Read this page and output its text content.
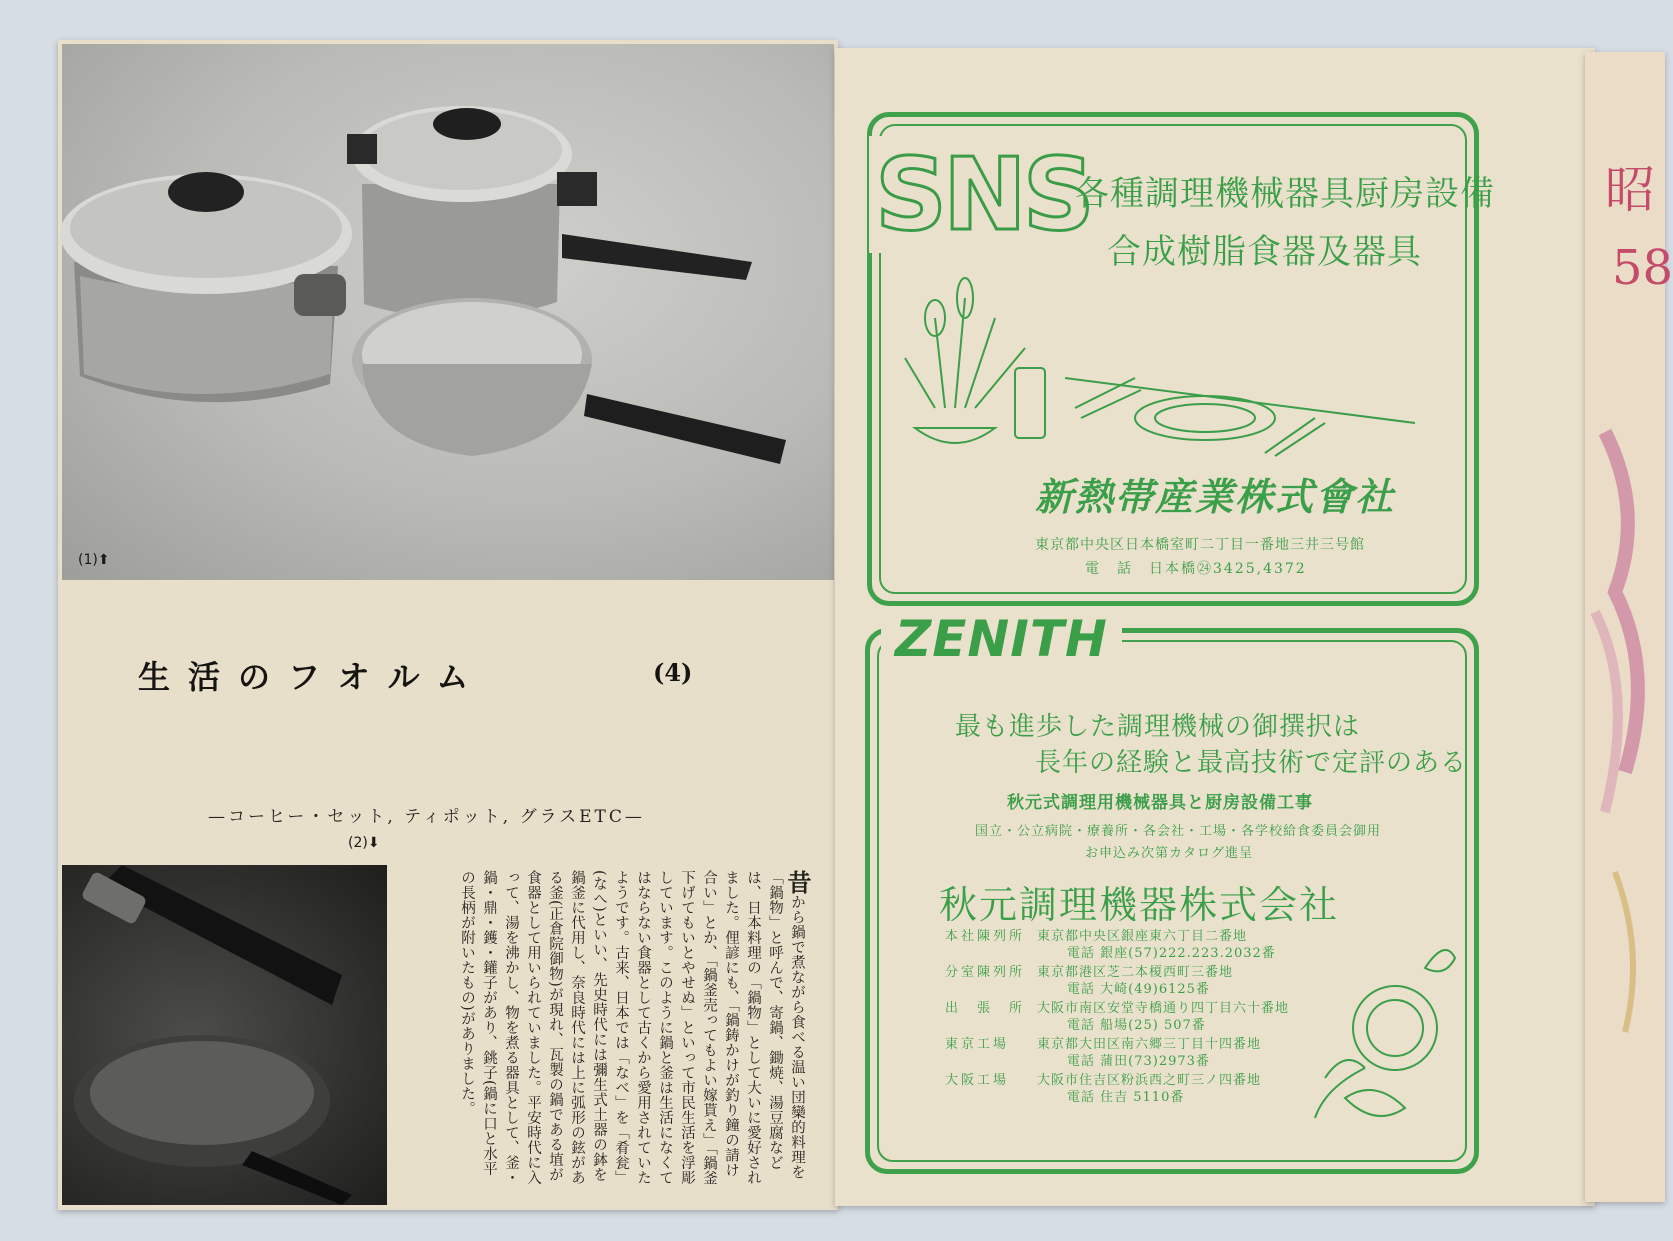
(1)⬆
生活のフオルム	(4)
—コーヒー・セット, ティポット, グラスETC—
(2)⬇
昔から鍋で煮ながら食べる温い団欒的料理を「鍋物」と呼んで、寄鍋、鋤焼、湯豆腐などは、日本料理の「鍋物」として大いに愛好されました。俚諺にも、「鍋鋳かけが釣り鐘の請け合い」とか、「鍋釜売ってもよい嫁貰え」「鍋釜下げてもいとやせぬ」といって市民生活を浮彫しています。このように鍋と釜は生活になくてはならない食器として古くから愛用されていたようです。古来、日本では「なべ」を「肴瓮」(なへ)といい、先史時代には彌生式土器の鉢を鍋釜に代用し、奈良時代には上に弧形の鉉がある釜(正倉院御物)が現れ、瓦製の鍋である埴が食器として用いられていました。平安時代に入って、湯を沸かし、物を煮る器具として、釜・鍋・鼎・鑊・鑵子があり、銚子(鍋に口と水平の長柄が附いたもの)がありました。
SNS
各種調理機械器具厨房設備
合成樹脂食器及器具
新熱帯産業株式會社
東京都中央区日本橋室町二丁目一番地三井三号館
電　話　日本橋㉔3425,4372
ZENITH
最も進歩した調理機械の御撰択は
長年の経験と最高技術で定評のある
秋元式調理用機械器具と厨房設備工事
国立・公立病院・療養所・各会社・工場・各学校給食委員会御用
お申込み次第カタログ進呈
秋元調理機器株式会社
本社陳列所 東京都中央区銀座東六丁目二番地
電話 銀座(57)222.223.2032番
分室陳列所 東京都港区芝二本榎西町三番地
電話 大崎(49)6125番
出　張　所 大阪市南区安堂寺橋通り四丁目六十番地
電話 船場(25) 507番
東京工場 東京都大田区南六郷三丁目十四番地
電話 蒲田(73)2973番
大阪工場 大阪市住吉区粉浜西之町三ノ四番地
電話 住吉 5110番
昭
58
